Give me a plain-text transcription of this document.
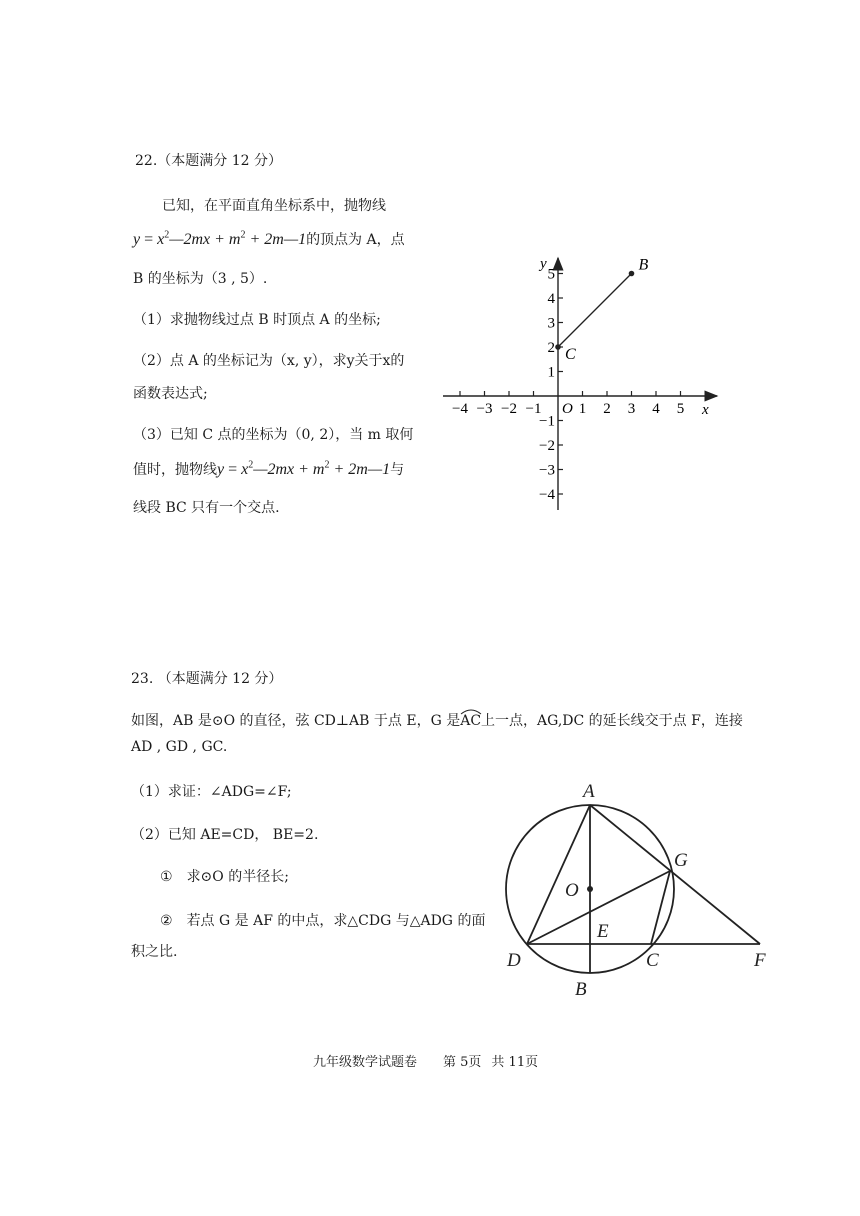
22.（本题满分 12 分）
已知，在平面直角坐标系中，抛物线
$y = x^2—2mx + m^2$ + 2m—1的顶点为 A，点
B 的坐标为（3 , 5）.
（1）求抛物线过点 B 时顶点 A 的坐标;
（2）点 A 的坐标记为（x, y），求y关于x的
函数表达式;
（3）已知 C 点的坐标为（0, 2），当 m 取何
值时，抛物线$y = x^2—2mx + m^2$ + 2m—1与
线段 BC 只有一个交点.
−4 −3 −2 −1 1 2 3 4 5
5
4
3
2
1
−1
−2
−3
−4
x
y
O
B
C
23. （本题满分 12 分）
如图，AB 是⊙O 的直径，弦 CD⊥AB 于点 E，G 是
AC上一点，AG,DC 的延长线交于点 F，连接
AD , GD , GC.
（1）求证：∠ADG=∠F;
（2）已知 AE=CD， BE=2.
① 求⊙O 的半径长;
② 若点 G 是 AF 的中点，求△CDG 与△ADG 的面
积之比.
A
B
C
D
E
F
G
O
九年级数学试题卷 第 5页 共 11页
